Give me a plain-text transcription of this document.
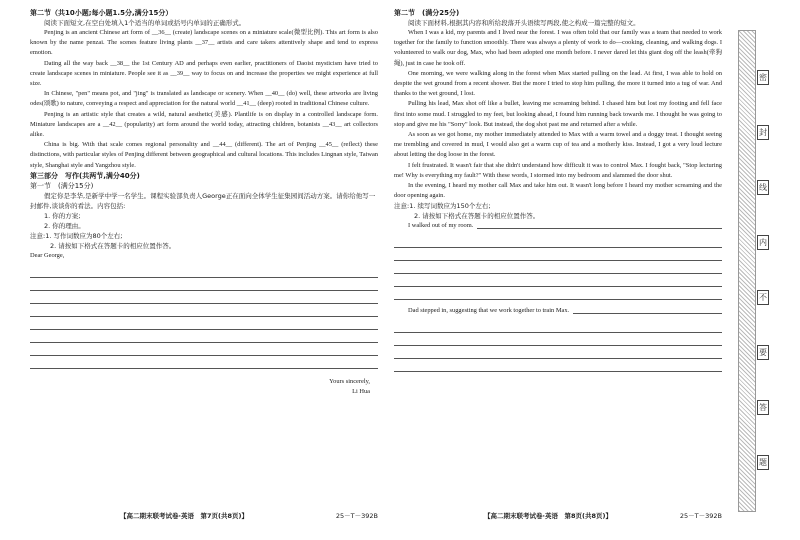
第二节（共10小题;每小题1.5分,满分15分）
阅读下面短文,在空白处填入1个适当的单词或括号内单词的正确形式。

Penjing is an ancient Chinese art form of __36__ (create) landscape scenes on a miniature scale(微型比例). This art form is also known by the name penzai. The scenes feature living plants __37__ artists and care takers attentively shape and tend to express emotion.

Dating all the way back __38__ the 1st Century AD and perhaps even earlier, practitioners of Daoist mysticism have tried to create landscape scenes in miniature. People see it as __39__ way to focus on and increase the properties we might experience at full size.

In Chinese, "pen" means pot, and "jing" is translated as landscape or scenery. When __40__ (do) well, these artworks are living odes(颂歌) to nature, conveying a respect and appreciation for the natural world __41__ (deep) rooted in traditional Chinese culture.

Penjing is an artistic style that creates a wild, natural aesthetic(美感). Plantlife is on display in a controlled landscape form. Miniature landscapes are a __42__ (popularity) art form around the world today, attracting children, botanists __43__ art collectors alike.

China is big. With that scale comes regional personality and __44__ (different). The art of Penjing __45__ (reflect) these distinctions, with particular styles of Penjing different between geographical and cultural locations. This includes Lingnan style, Taiwan style, Shanghai style and Yangzhou style.

第三部分　写作(共两节,满分40分)
第一节　(满分15分)
假定你是李华,是新学中学一名学生。课程实验部负责人George正在面向全体学生征集园间活动方案。请你给他写一封邮件,谈谈你的看法。内容包括:
1. 你的方案;
2. 你的理由。
注意:1. 写作词数应为80个左右;
2. 请按如下格式在答题卡的相应位置作答。
Dear George,
Yours sincerely,
Li Hua
【高二期末联考试卷·英语　第7页(共8页)】	25－T－392B
第二节　(满分25分)
阅读下面材料,根据其内容和所给段落开头语续写两段,使之构成一篇完整的短文。

When I was a kid, my parents and I lived near the forest. I was often told that our family was a team that needed to work together for the family to function smoothly. There was always a plenty of work to do—cooking, cleaning, and walking dogs. I volunteered to walk our dog, Max, who had been adopted one month before. I never dared let this giant dog off the leash(牵狗绳), just in case he took off.

One morning, we were walking along in the forest when Max started pulling on the lead. At first, I was able to hold on despite the wet ground from a recent shower. But the more I tried to stop him pulling, the more it turned into a tug of war. And thanks to the wet ground, I lost.

Pulling his lead, Max shot off like a bullet, leaving me screaming behind. I chased him but lost my footing and fell face first into some mud. I struggled to my feet, but looking ahead, I found him running back towards me. I thought he was going to stop and give me his "Sorry" look. But instead, the dog shot past me and returned after a while.

As soon as we got home, my mother immediately attended to Max with a warm towel and a doggy treat. I thought seeing me trembling and covered in mud, I would also get a warm cup of tea and a motherly kiss. Instead, I got a very loud lecture about letting the dog loose in the forest.

I felt frustrated. It wasn't fair that she didn't understand how difficult it was to control Max. I fought back, "Stop lecturing me! Why is everything my fault?" With these words, I stormed into my bedroom and slammed the door shut.

In the evening, I heard my mother call Max and take him out. It wasn't long before I heard my mother screaming and the door opening again.

注意:1. 续写词数应为150个左右;
2. 请按如下格式在答题卡的相应位置作答。
I walked out of my room.
Dad stepped in, suggesting that we work together to train Max.
【高二期末联考试卷·英语　第8页(共8页)】	25－T－392B
密
封
线
内
不
要
答
题
